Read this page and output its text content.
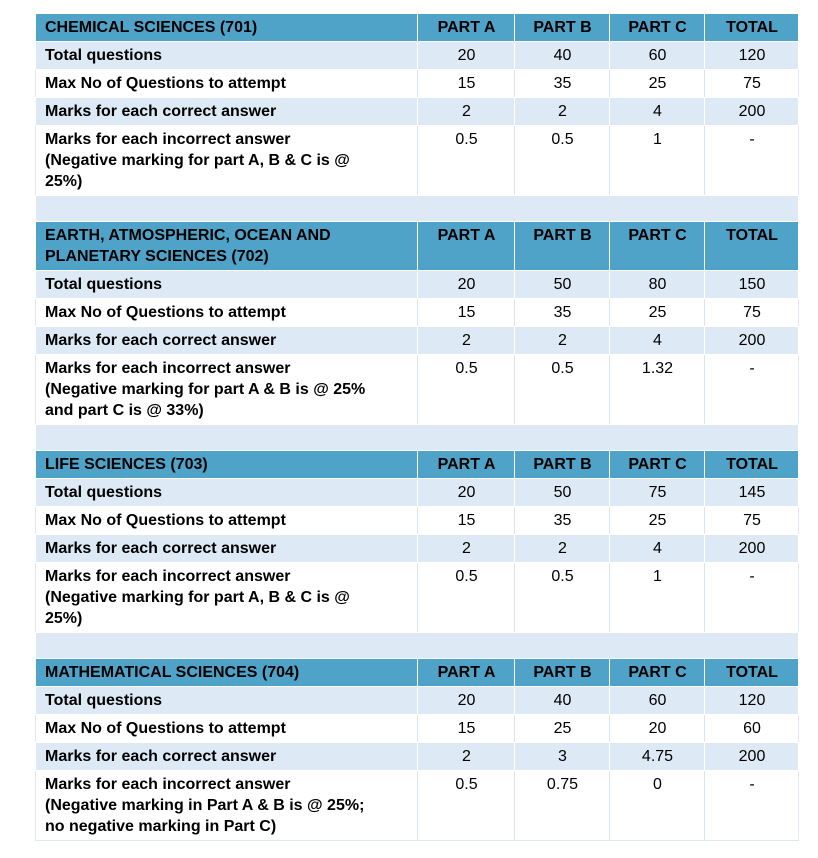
CHEMICAL SCIENCES (701)	PART A	PART B	PART C	TOTAL
Total questions	20	40	60	120
Max No of Questions to attempt	15	35	25	75
Marks for each correct answer	2	2	4	200

Marks for each incorrect answer
(Negative marking for part A, B & C is @
25%)	0.5	0.5	1	-

EARTH, ATMOSPHERIC, OCEAN AND
PLANETARY SCIENCES (702)	PART A	PART B	PART C	TOTAL
Total questions	20	50	80	150
Max No of Questions to attempt	15	35	25	75
Marks for each correct answer	2	2	4	200

Marks for each incorrect answer
(Negative marking for part A & B is @ 25%
and part C is @ 33%)	0.5	0.5	1.32	-

LIFE SCIENCES (703)	PART A	PART B	PART C	TOTAL
Total questions	20	50	75	145
Max No of Questions to attempt	15	35	25	75
Marks for each correct answer	2	2	4	200

Marks for each incorrect answer
(Negative marking for part A, B & C is @
25%)	0.5	0.5	1	-

MATHEMATICAL SCIENCES (704)	PART A	PART B	PART C	TOTAL
Total questions	20	40	60	120
Max No of Questions to attempt	15	25	20	60
Marks for each correct answer	2	3	4.75	200

Marks for each incorrect answer
(Negative marking in Part A & B is @ 25%;
no negative marking in Part C)	0.5	0.75	0	-
